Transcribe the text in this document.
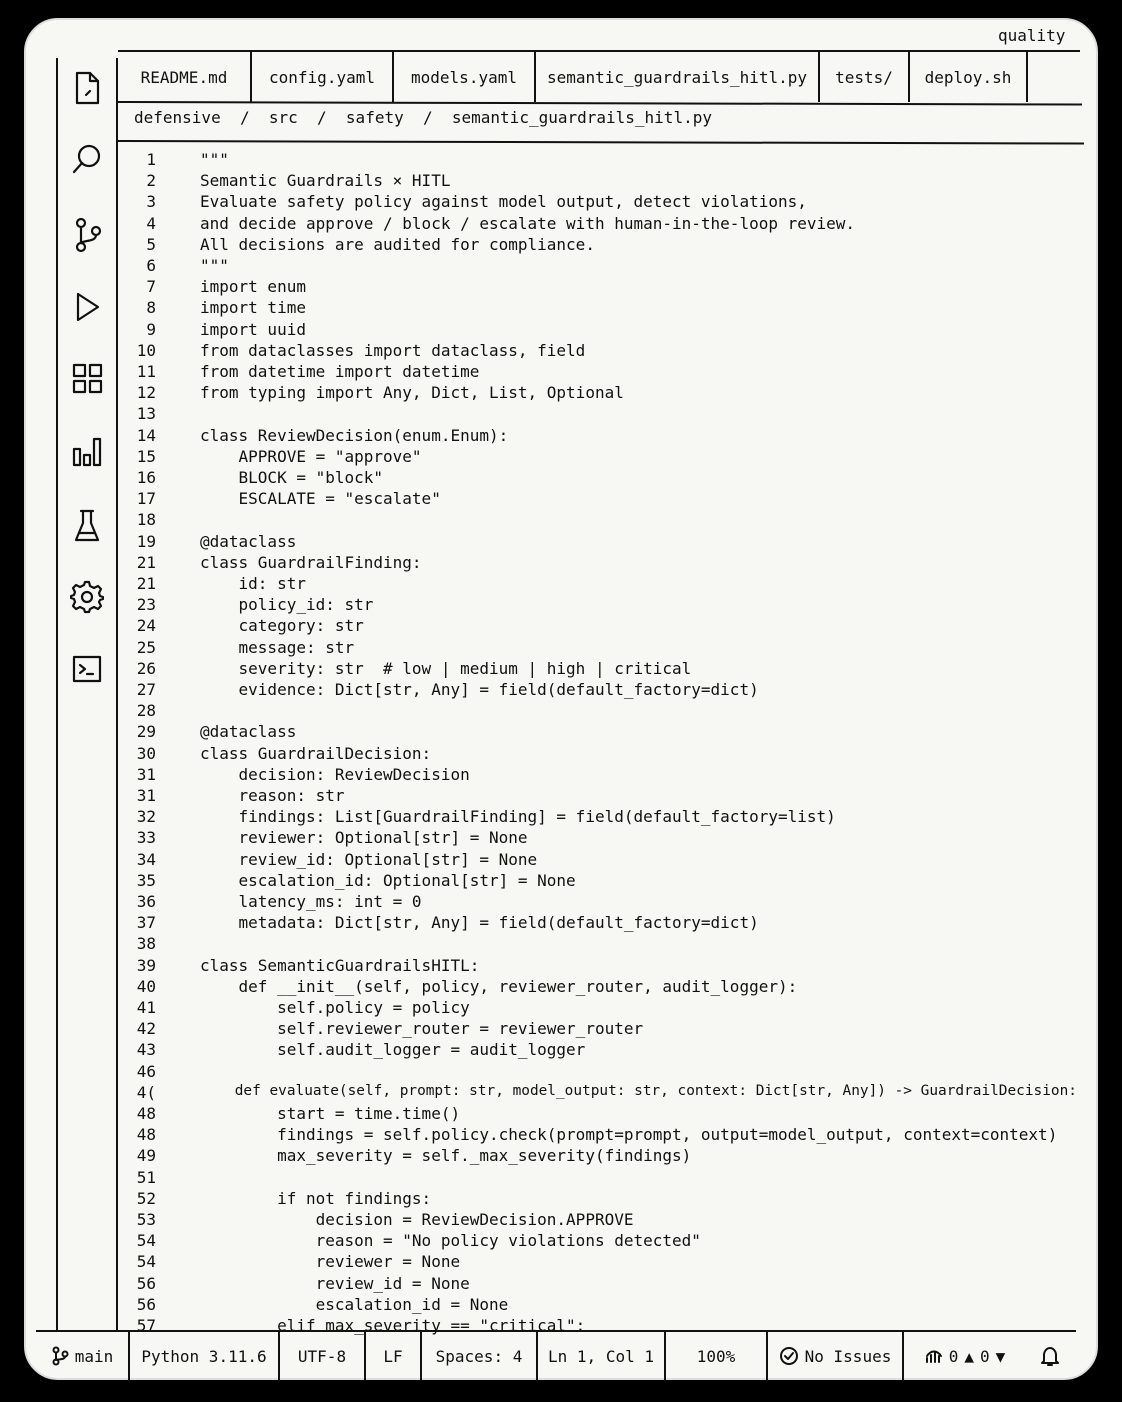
quality
README.md	config.yaml models.yaml semantic_guardrails_hitl.py tests/ deploy.sh
defensive  /  src  /  safety  /  semantic_guardrails_hitl.py
1	"""
2	Semantic Guardrails × HITL
3	Evaluate safety policy against model output, detect violations,
4	and decide approve / block / escalate with human-in-the-loop review.
5	All decisions are audited for compliance.
6	"""
7	import enum
8	import time
9	import uuid
10	from dataclasses import dataclass, field
11	from datetime import datetime
12	from typing import Any, Dict, List, Optional
13
14	class ReviewDecision(enum.Enum):
15	APPROVE = "approve"
16	BLOCK = "block"
17	ESCALATE = "escalate"
18
19	@dataclass
21	class GuardrailFinding:
21	id: str
23	policy_id: str
24	category: str
25	message: str
26	severity: str  # low | medium | high | critical
27	evidence: Dict[str, Any] = field(default_factory=dict)
28
29	@dataclass
30	class GuardrailDecision:
31	decision: ReviewDecision
31	reason: str
32	findings: List[GuardrailFinding] = field(default_factory=list)
33	reviewer: Optional[str] = None
34	review_id: Optional[str] = None
35	escalation_id: Optional[str] = None
36	latency_ms: int = 0
37	metadata: Dict[str, Any] = field(default_factory=dict)
38
39	class SemanticGuardrailsHITL:
40	def __init__(self, policy, reviewer_router, audit_logger):
41	self.policy = policy
42	self.reviewer_router = reviewer_router
43	self.audit_logger = audit_logger
46
4(	def evaluate(self, prompt: str, model_output: str, context: Dict[str, Any]) -> GuardrailDecision:
48	start = time.time()
48	findings = self.policy.check(prompt=prompt, output=model_output, context=context)
49	max_severity = self._max_severity(findings)
51
52	if not findings:
53	decision = ReviewDecision.APPROVE
54	reason = "No policy violations detected"
54	reviewer = None
56	review_id = None
56	escalation_id = None
57	elif max_severity == "critical":
main Python 3.11.6 UTF-8 LF Spaces: 4 Ln 1, Col 1	100%	No Issues	0 ▲ 0 ▼
